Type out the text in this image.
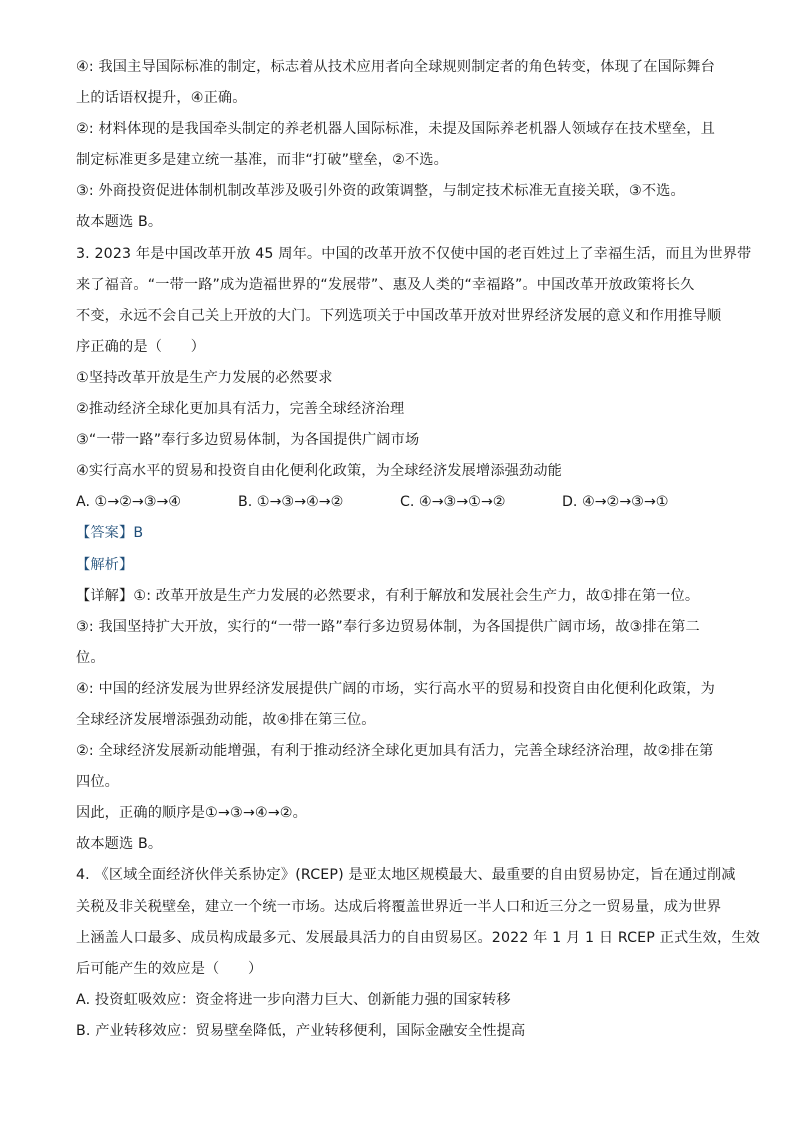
④: 我国主导国际标准的制定，标志着从技术应用者向全球规则制定者的角色转变，体现了在国际舞台
上的话语权提升，④正确。
②: 材料体现的是我国牵头制定的养老机器人国际标准，未提及国际养老机器人领域存在技术壁垒，且
制定标准更多是建立统一基准，而非“打破”壁垒，②不选。
③: 外商投资促进体制机制改革涉及吸引外资的政策调整，与制定技术标准无直接关联，③不选。
故本题选 B。
3. 2023 年是中国改革开放 45 周年。中国的改革开放不仅使中国的老百姓过上了幸福生活，而且为世界带
来了福音。“一带一路”成为造福世界的“发展带”、惠及人类的“幸福路”。中国改革开放政策将长久
不变，永远不会自己关上开放的大门。下列选项关于中国改革开放对世界经济发展的意义和作用推导顺
序正确的是（　　）
①坚持改革开放是生产力发展的必然要求
②推动经济全球化更加具有活力，完善全球经济治理
③“一带一路”奉行多边贸易体制，为各国提供广阔市场
④实行高水平的贸易和投资自由化便利化政策，为全球经济发展增添强劲动能
A. ①→②→③→④	B. ①→③→④→②	C. ④→③→①→②	D. ④→②→③→①
【答案】B
【解析】
【详解】①: 改革开放是生产力发展的必然要求，有利于解放和发展社会生产力，故①排在第一位。
③: 我国坚持扩大开放，实行的“一带一路”奉行多边贸易体制，为各国提供广阔市场，故③排在第二
位。
④: 中国的经济发展为世界经济发展提供广阔的市场，实行高水平的贸易和投资自由化便利化政策，为
全球经济发展增添强劲动能，故④排在第三位。
②: 全球经济发展新动能增强，有利于推动经济全球化更加具有活力，完善全球经济治理，故②排在第
四位。
因此，正确的顺序是①→③→④→②。
故本题选 B。
4. 《区域全面经济伙伴关系协定》(RCEP) 是亚太地区规模最大、最重要的自由贸易协定，旨在通过削减
关税及非关税壁垒，建立一个统一市场。达成后将覆盖世界近一半人口和近三分之一贸易量，成为世界
上涵盖人口最多、成员构成最多元、发展最具活力的自由贸易区。2022 年 1 月 1 日 RCEP 正式生效，生效
后可能产生的效应是（　　）
A. 投资虹吸效应：资金将进一步向潜力巨大、创新能力强的国家转移
B. 产业转移效应：贸易壁垒降低，产业转移便利，国际金融安全性提高
